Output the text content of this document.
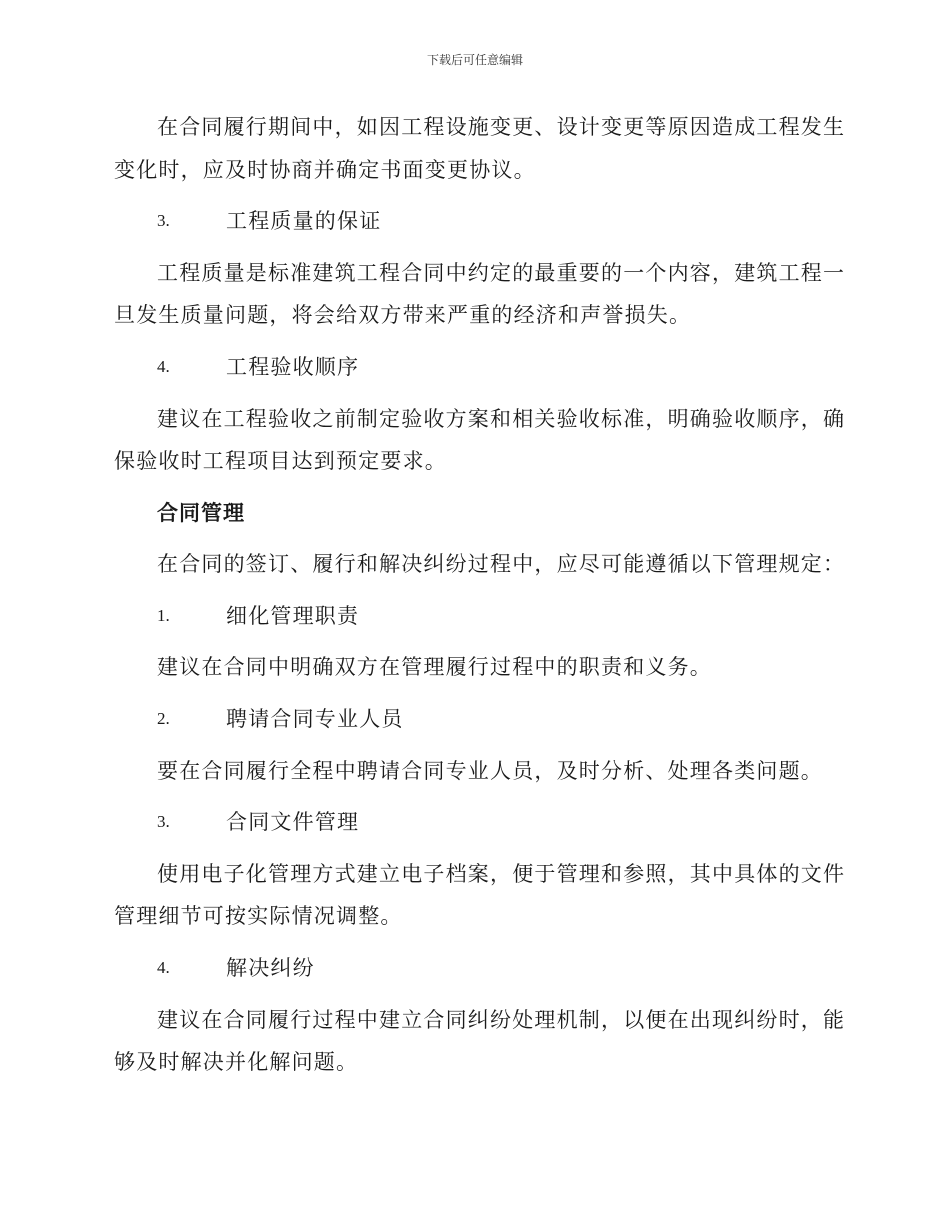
下载后可任意编辑
在合同履行期间中，如因工程设施变更、设计变更等原因造成工程发生
变化时，应及时协商并确定书面变更协议。
3.	工程质量的保证
工程质量是标准建筑工程合同中约定的最重要的一个内容，建筑工程一
旦发生质量问题，将会给双方带来严重的经济和声誉损失。
4.	工程验收顺序
建议在工程验收之前制定验收方案和相关验收标准，明确验收顺序，确
保验收时工程项目达到预定要求。
合同管理
在合同的签订、履行和解决纠纷过程中，应尽可能遵循以下管理规定：
1.	细化管理职责
建议在合同中明确双方在管理履行过程中的职责和义务。
2.	聘请合同专业人员
要在合同履行全程中聘请合同专业人员，及时分析、处理各类问题。
3.	合同文件管理
使用电子化管理方式建立电子档案，便于管理和参照，其中具体的文件
管理细节可按实际情况调整。
4.	解决纠纷
建议在合同履行过程中建立合同纠纷处理机制，以便在出现纠纷时，能
够及时解决并化解问题。
